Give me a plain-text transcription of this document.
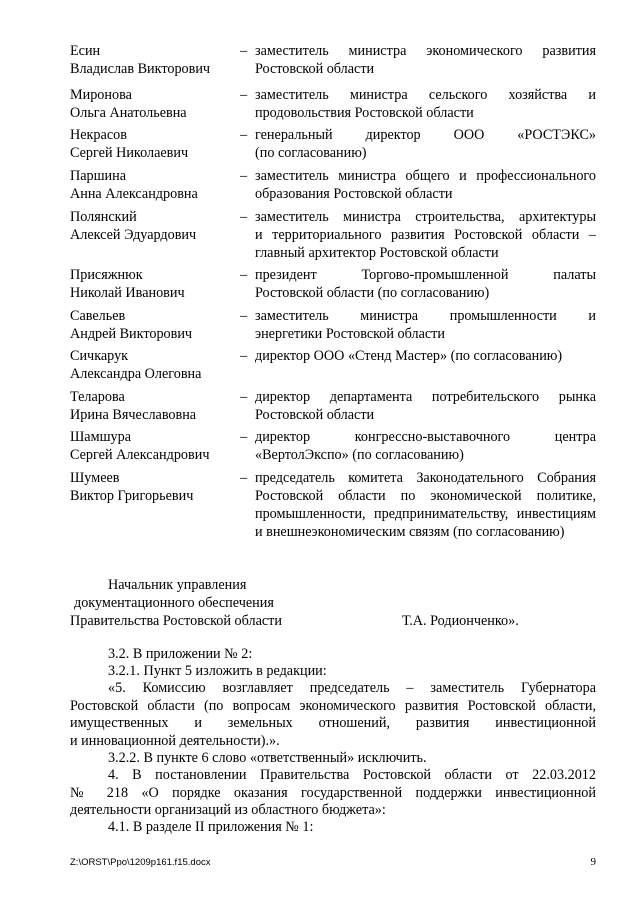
Есин
Владислав Викторович
– заместитель министра экономического развития
Ростовской области
Миронова
Ольга Анатольевна
– заместитель министра сельского хозяйства и
продовольствия Ростовской области
Некрасов
Сергей Николаевич
– генеральный директор ООО «РОСТЭКС»
(по согласованию)
Паршина
Анна Александровна
– заместитель министра общего и профессионального
образования Ростовской области
Полянский
Алексей Эдуардович
– заместитель министра строительства, архитектуры
и территориального развития Ростовской области –
главный архитектор Ростовской области
Присяжнюк
Николай Иванович
– президент Торгово-промышленной палаты
Ростовской области (по согласованию)
Савельев
Андрей Викторович
– заместитель министра промышленности и
энергетики Ростовской области
Сичкарук
Александра Олеговна
– директор ООО «Стенд Мастер» (по согласованию)
Теларова
Ирина Вячеславовна
– директор департамента потребительского рынка
Ростовской области
Шамшура
Сергей Александрович
– директор конгрессно-выставочного центра
«ВертолЭкспо» (по согласованию)
Шумеев
Виктор Григорьевич
– председатель комитета Законодательного Собрания
Ростовской области по экономической политике,
промышленности, предпринимательству, инвестициям
и внешнеэкономическим связям (по согласованию)
Начальник управления
документационного обеспечения
Правительства Ростовской области	Т.А. Родионченко».
3.2. В приложении № 2:
3.2.1. Пункт 5 изложить в редакции:
«5. Комиссию возглавляет председатель – заместитель Губернатора
Ростовской области (по вопросам экономического развития Ростовской области,
имущественных и земельных отношений, развития инвестиционной
и инновационной деятельности).».
3.2.2. В пункте 6 слово «ответственный» исключить.
4. В постановлении Правительства Ростовской области от 22.03.2012
№ 218 «О порядке оказания государственной поддержки инвестиционной
деятельности организаций из областного бюджета»:
4.1. В разделе II приложения № 1:
Z:\ORST\Ppo\1209p161.f15.docx	9
